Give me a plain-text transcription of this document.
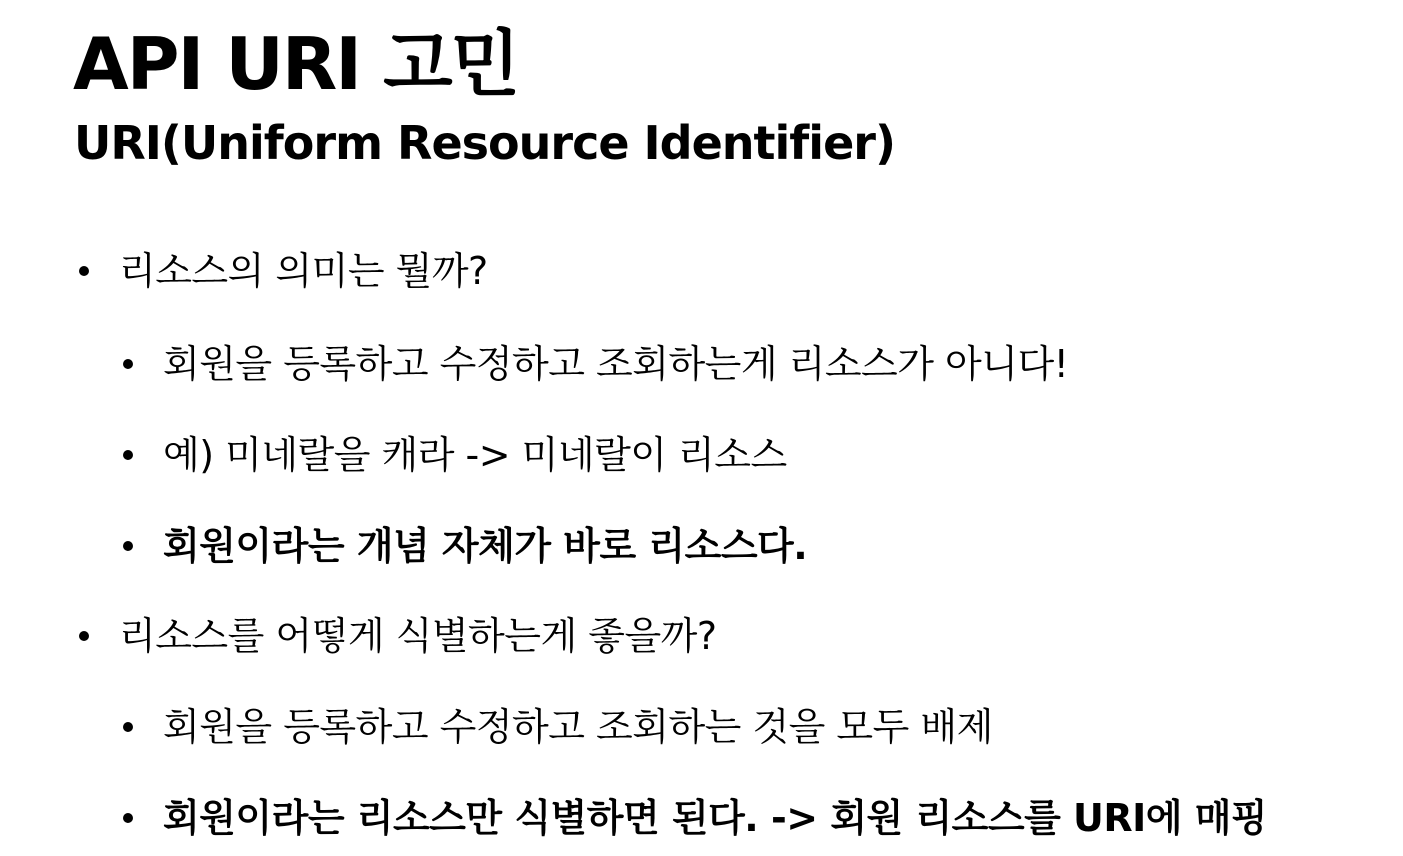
API URI 고민
URI(Uniform Resource Identifier)
리소스의 의미는 뭘까?
회원을 등록하고 수정하고 조회하는게 리소스가 아니다!
예) 미네랄을 캐라 -> 미네랄이 리소스
회원이라는 개념 자체가 바로 리소스다.
리소스를 어떻게 식별하는게 좋을까?
회원을 등록하고 수정하고 조회하는 것을 모두 배제
회원이라는 리소스만 식별하면 된다. -> 회원 리소스를 URI에 매핑
